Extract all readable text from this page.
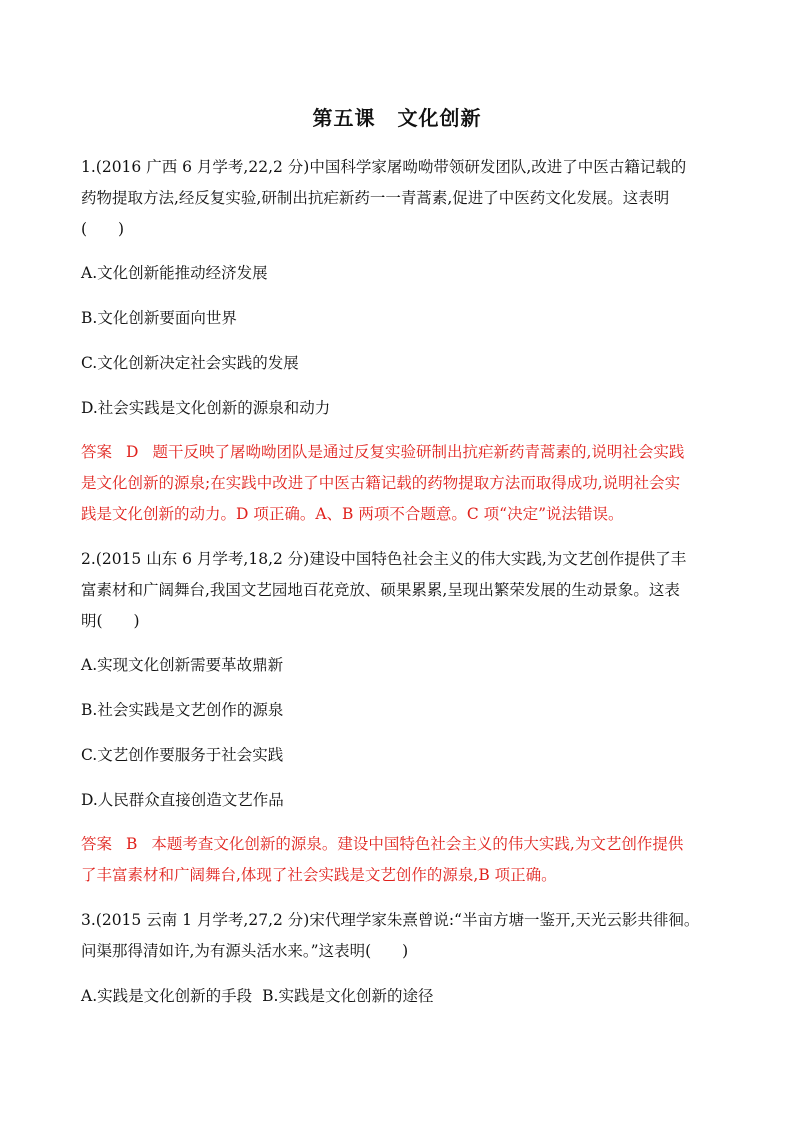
第五课 文化创新
1.(2016 广西 6 月学考,22,2 分)中国科学家屠呦呦带领研发团队,改进了中医古籍记载的
药物提取方法,经反复实验,研制出抗疟新药一一青蒿素,促进了中医药文化发展。这表明
(　　)
A.文化创新能推动经济发展
B.文化创新要面向世界
C.文化创新决定社会实践的发展
D.社会实践是文化创新的源泉和动力
答案 D 题干反映了屠呦呦团队是通过反复实验研制出抗疟新药青蒿素的,说明社会实践
是文化创新的源泉;在实践中改进了中医古籍记载的药物提取方法而取得成功,说明社会实
践是文化创新的动力。D 项正确。A、B 两项不合题意。C 项“决定”说法错误。
2.(2015 山东 6 月学考,18,2 分)建设中国特色社会主义的伟大实践,为文艺创作提供了丰
富素材和广阔舞台,我国文艺园地百花竞放、硕果累累,呈现出繁荣发展的生动景象。这表
明(　　)
A.实现文化创新需要革故鼎新
B.社会实践是文艺创作的源泉
C.文艺创作要服务于社会实践
D.人民群众直接创造文艺作品
答案 B 本题考查文化创新的源泉。建设中国特色社会主义的伟大实践,为文艺创作提供
了丰富素材和广阔舞台,体现了社会实践是文艺创作的源泉,B 项正确。
3.(2015 云南 1 月学考,27,2 分)宋代理学家朱熹曾说:“半亩方塘一鉴开,天光云影共徘徊。
问渠那得清如许,为有源头活水来。”这表明(　　)
A.实践是文化创新的手段 B.实践是文化创新的途径
